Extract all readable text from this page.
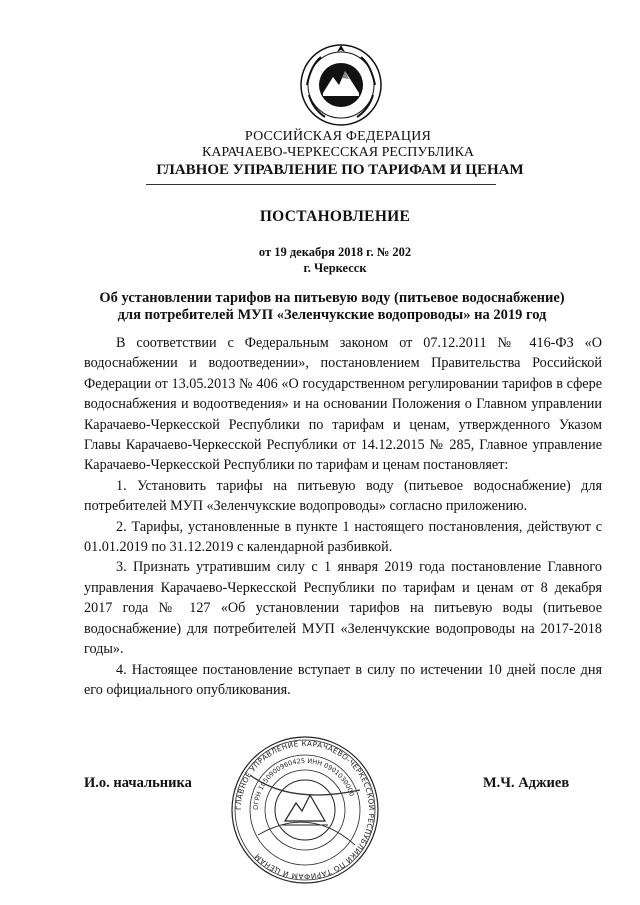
РОССИЙСКАЯ ФЕДЕРАЦИЯ
КАРАЧАЕВО-ЧЕРКЕССКАЯ РЕСПУБЛИКА
ГЛАВНОЕ УПРАВЛЕНИЕ ПО ТАРИФАМ И ЦЕНАМ
ПОСТАНОВЛЕНИЕ
от 19 декабря 2018 г. № 202
г. Черкесск
Об установлении тарифов на питьевую воду (питьевое водоснабжение)
для потребителей МУП «Зеленчукские водопроводы» на 2019 год

В соответствии с Федеральным законом от 07.12.2011 № 416-ФЗ «О водоснабжении и водоотведении», постановлением Правительства Российской Федерации от 13.05.2013 № 406 «О государственном регулировании тарифов в сфере водоснабжения и водоотведения» и на основании Положения о Главном управлении Карачаево-Черкесской Республики по тарифам и ценам, утвержденного Указом Главы Карачаево-Черкесской Республики от 14.12.2015 № 285, Главное управление Карачаево-Черкесской Республики по тарифам и ценам постановляет:

1. Установить тарифы на питьевую воду (питьевое водоснабжение) для потребителей МУП «Зеленчукские водопроводы» согласно приложению.

2. Тарифы, установленные в пункте 1 настоящего постановления, действуют с 01.01.2019 по 31.12.2019 с календарной разбивкой.

3. Признать утратившим силу с 1 января 2019 года постановление Главного управления Карачаево-Черкесской Республики по тарифам и ценам от 8 декабря 2017 года № 127 «Об установлении тарифов на питьевую воды (питьевое водоснабжение) для потребителей МУП «Зеленчукские водопроводы на 2017-2018 годы».

4. Настоящее постановление вступает в силу по истечении 10 дней после дня его официального опубликования.

ГЛАВНОЕ УПРАВЛЕНИЕ КАРАЧАЕВО-ЧЕРКЕССКОЙ РЕСПУБЛИКИ ПО ТАРИФАМ И ЦЕНАМ
ОГРН 1050900960425 ИНН 0901030000
И.о. начальника	М.Ч. Аджиев
